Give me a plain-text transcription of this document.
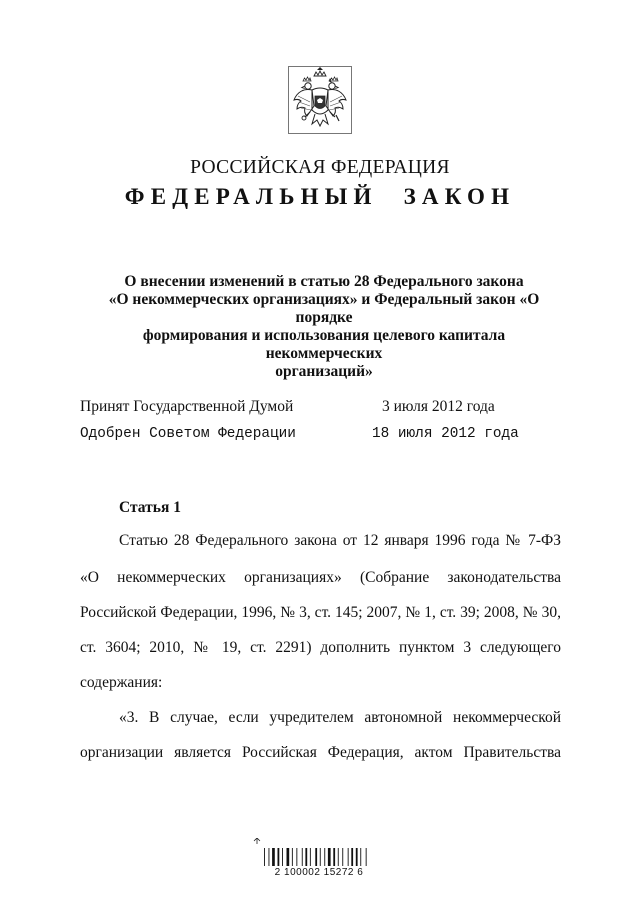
РОССИЙСКАЯ ФЕДЕРАЦИЯ
ФЕДЕРАЛЬНЫЙ ЗАКОН
О внесении изменений в статью 28 Федерального закона
«О некоммерческих организациях» и Федеральный закон «О порядке
формирования и использования целевого капитала некоммерческих
организаций»
Принят Государственной Думой	3 июля 2012 года
Одобрен Советом Федерации	18 июля 2012 года
Статья 1
Статью 28 Федерального закона от 12 января 1996 года № 7-ФЗ
«О некоммерческих организациях» (Собрание законодательства
Российской Федерации, 1996, № 3, ст. 145; 2007, № 1, ст. 39; 2008, № 30,
ст. 3604; 2010, № 19, ст. 2291) дополнить пунктом 3 следующего
содержания:
«3. В случае, если учредителем автономной некоммерческой
организации является Российская Федерация, актом Правительства
2 100002 15272 6
